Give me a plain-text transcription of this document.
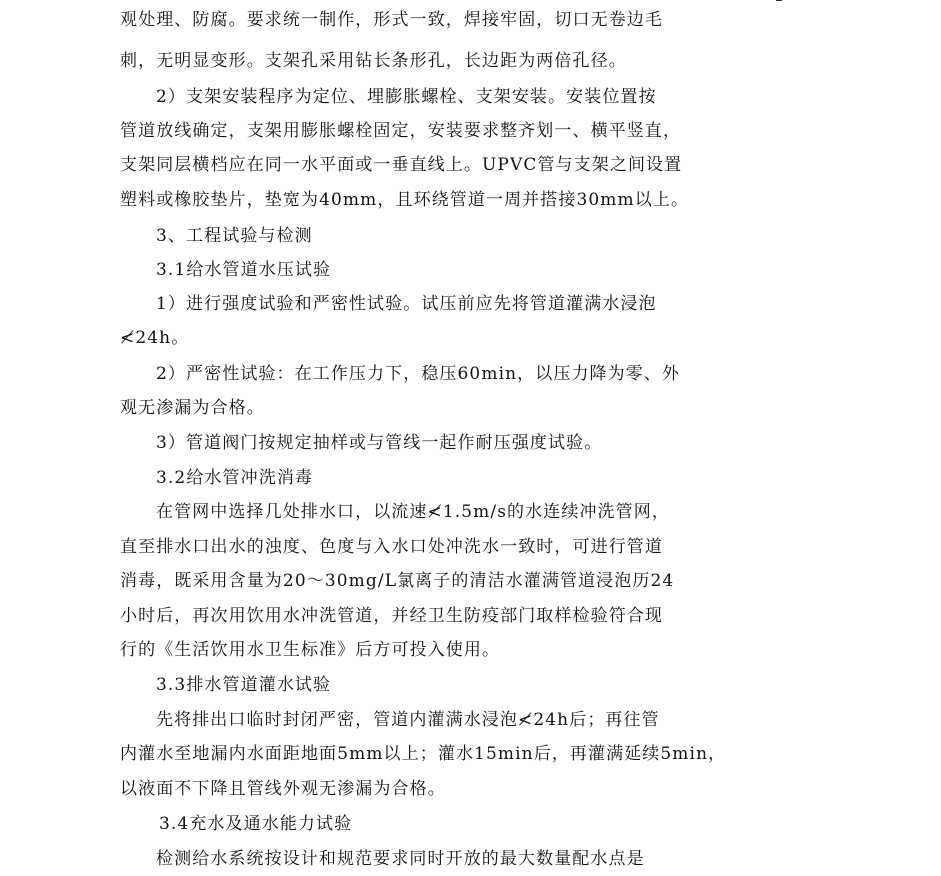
观处理、防腐。要求统一制作，形式一致，焊接牢固，切口无卷边毛
刺，无明显变形。支架孔采用钻长条形孔，长边距为两倍孔径。
2）支架安装程序为定位、埋膨胀螺栓、支架安装。安装位置按
管道放线确定，支架用膨胀螺栓固定，安装要求整齐划一、横平竖直，
支架同层横档应在同一水平面或一垂直线上。UPVC管与支架之间设置
塑料或橡胶垫片，垫宽为40mm，且环绕管道一周并搭接30mm以上。
3、工程试验与检测
3.1给水管道水压试验
1）进行强度试验和严密性试验。试压前应先将管道灌满水浸泡
≮24h。
2）严密性试验：在工作压力下，稳压60min，以压力降为零、外
观无渗漏为合格。
3）管道阀门按规定抽样或与管线一起作耐压强度试验。
3.2给水管冲洗消毒
在管网中选择几处排水口，以流速≮1.5m/s的水连续冲洗管网，
直至排水口出水的浊度、色度与入水口处冲洗水一致时，可进行管道
消毒，既采用含量为20～30mg/L氯离子的清洁水灌满管道浸泡历24
小时后，再次用饮用水冲洗管道，并经卫生防疫部门取样检验符合现
行的《生活饮用水卫生标准》后方可投入使用。
3.3排水管道灌水试验
先将排出口临时封闭严密，管道内灌满水浸泡≮24h后；再往管
内灌水至地漏内水面距地面5mm以上；灌水15min后，再灌满延续5min，
以液面不下降且管线外观无渗漏为合格。
3.4充水及通水能力试验
检测给水系统按设计和规范要求同时开放的最大数量配水点是
